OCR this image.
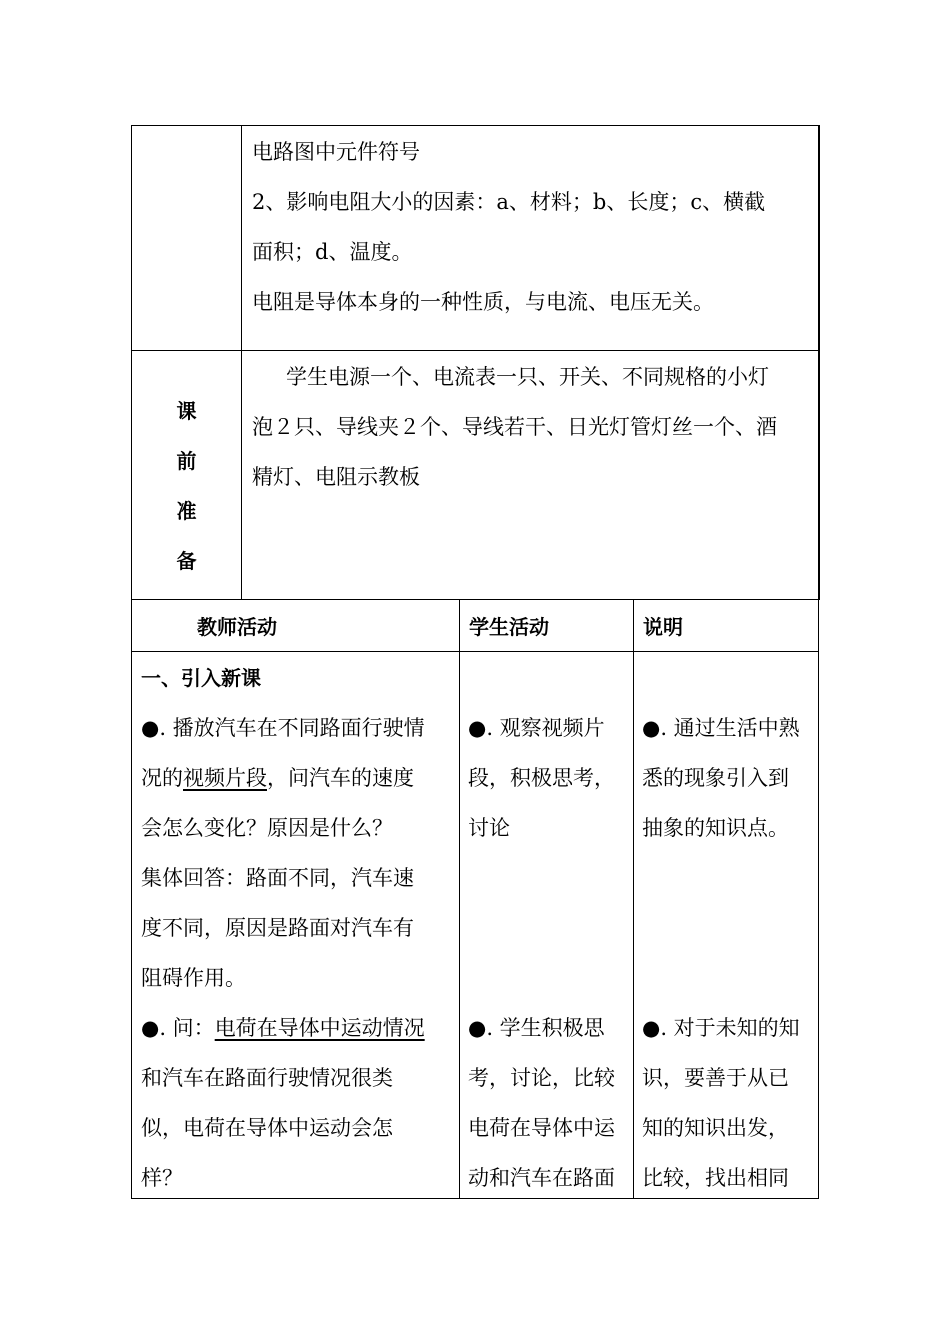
电路图中元件符号

2、影响电阻大小的因素：a、材料；b、长度；c、横截

面积；d、温度。

电阻是导体本身的一种性质，与电流、电压无关。

课
前
准
备

学生电源一个、电流表一只、开关、不同规格的小灯

泡２只、导线夹２个、导线若干、日光灯管灯丝一个、酒

精灯、电阻示教板

教师活动	学生活动	说明

一、引入新课

●. 播放汽车在不同路面行驶情

况的视频片段，问汽车的速度

会怎么变化？原因是什么？

集体回答：路面不同，汽车速

度不同，原因是路面对汽车有

阻碍作用。

●. 问：电荷在导体中运动情况

和汽车在路面行驶情况很类

似，电荷在导体中运动会怎

样？

●. 观察视频片

段，积极思考，

讨论

●. 学生积极思

考，讨论，比较

电荷在导体中运

动和汽车在路面

●. 通过生活中熟

悉的现象引入到

抽象的知识点。

●. 对于未知的知

识，要善于从已

知的知识出发，

比较，找出相同
